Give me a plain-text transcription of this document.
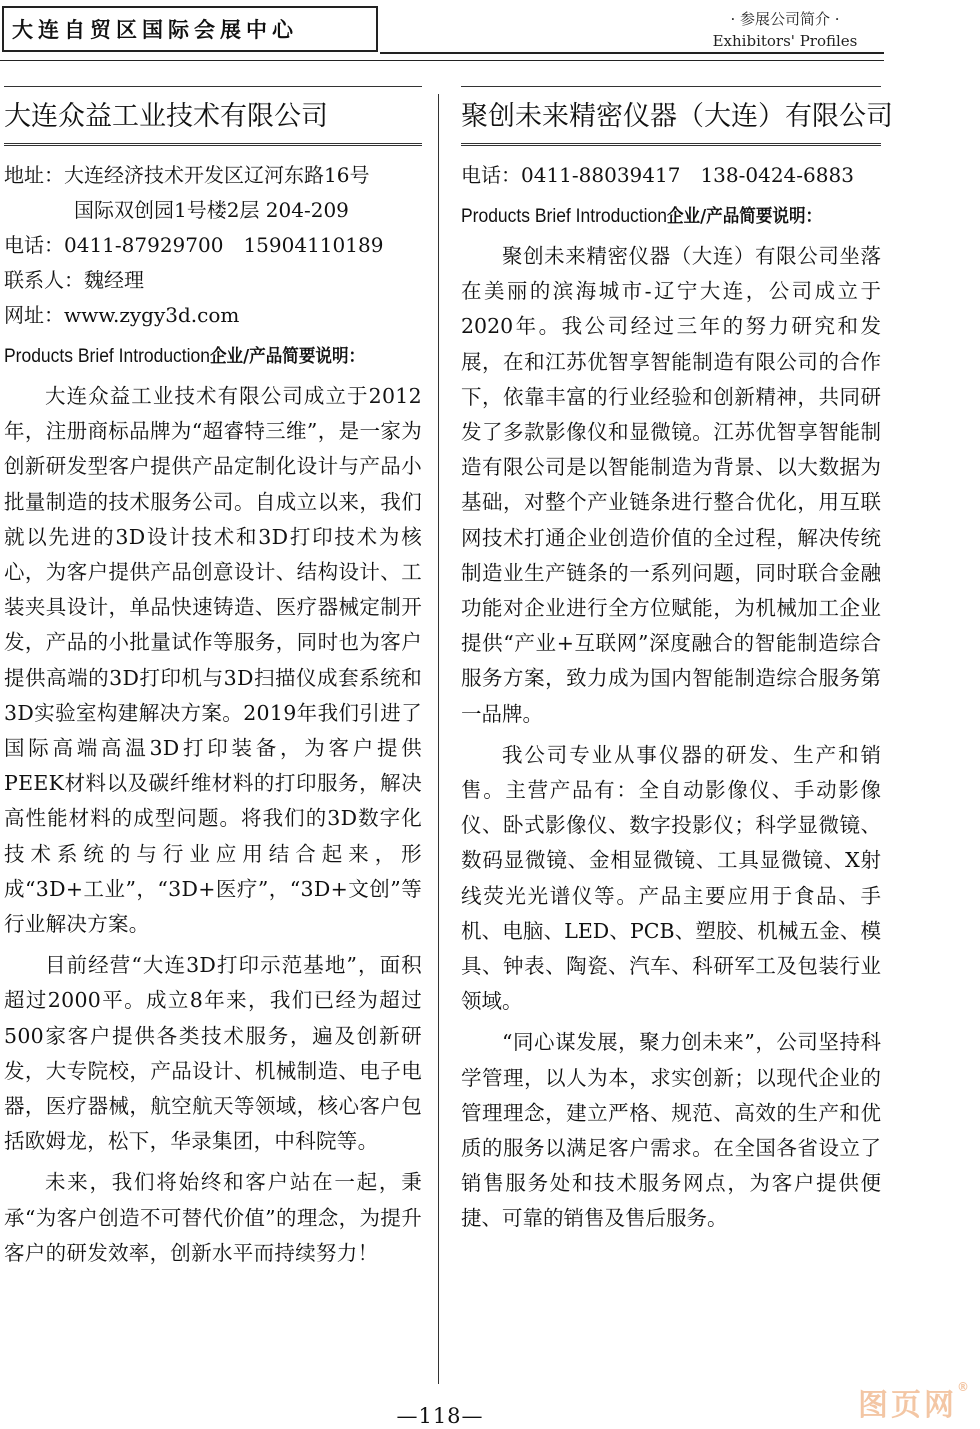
大连自贸区国际会展中心	· 参展公司简介 ·
Exhibitors' Profiles
大连众益工业技术有限公司
地址：大连经济技术开发区辽河东路16号
国际双创园1号楼2层 204-209
电话：0411-87929700　15904110189
联系人：魏经理
网址：www.zygy3d.com
Products Brief Introduction企业/产品简要说明：

大连众益工业技术有限公司成立于2012年，注册商标品牌为“超睿特三维”，是一家为创新研发型客户提供产品定制化设计与产品小批量制造的技术服务公司。自成立以来，我们就以先进的3D设计技术和3D打印技术为核心，为客户提供产品创意设计、结构设计、工装夹具设计，单品快速铸造、医疗器械定制开发，产品的小批量试作等服务，同时也为客户提供高端的3D打印机与3D扫描仪成套系统和3D实验室构建解决方案。2019年我们引进了国际高端高温3D打印装备，为客户提供PEEK材料以及碳纤维材料的打印服务，解决高性能材料的成型问题。将我们的3D数字化技术系统的与行业应用结合起来，形成“3D+工业”，“3D+医疗”，“3D+文创”等行业解决方案。

目前经营“大连3D打印示范基地”，面积超过2000平。成立8年来，我们已经为超过500家客户提供各类技术服务，遍及创新研发，大专院校，产品设计、机械制造、电子电器，医疗器械，航空航天等领域，核心客户包括欧姆龙，松下，华录集团，中科院等。

未来，我们将始终和客户站在一起，秉承“为客户创造不可替代价值”的理念，为提升客户的研发效率，创新水平而持续努力！

聚创未来精密仪器（大连）有限公司
电话：0411-88039417　138-0424-6883
Products Brief Introduction企业/产品简要说明：

聚创未来精密仪器（大连）有限公司坐落在美丽的滨海城市-辽宁大连，公司成立于2020年。我公司经过三年的努力研究和发展，在和江苏优智享智能制造有限公司的合作下，依靠丰富的行业经验和创新精神，共同研发了多款影像仪和显微镜。江苏优智享智能制造有限公司是以智能制造为背景、以大数据为基础，对整个产业链条进行整合优化，用互联网技术打通企业创造价值的全过程，解决传统制造业生产链条的一系列问题，同时联合金融功能对企业进行全方位赋能，为机械加工企业提供“产业+互联网”深度融合的智能制造综合服务方案，致力成为国内智能制造综合服务第一品牌。

我公司专业从事仪器的研发、生产和销售。主营产品有：全自动影像仪、手动影像仪、卧式影像仪、数字投影仪；科学显微镜、数码显微镜、金相显微镜、工具显微镜、X射线荧光光谱仪等。产品主要应用于食品、手机、电脑、LED、PCB、塑胶、机械五金、模具、钟表、陶瓷、汽车、科研军工及包装行业领域。

“同心谋发展，聚力创未来”，公司坚持科学管理，以人为本，求实创新；以现代企业的管理理念，建立严格、规范、高效的生产和优质的服务以满足客户需求。在全国各省设立了销售服务处和技术服务网点，为客户提供便捷、可靠的销售及售后服务。

—118—	图页网®
